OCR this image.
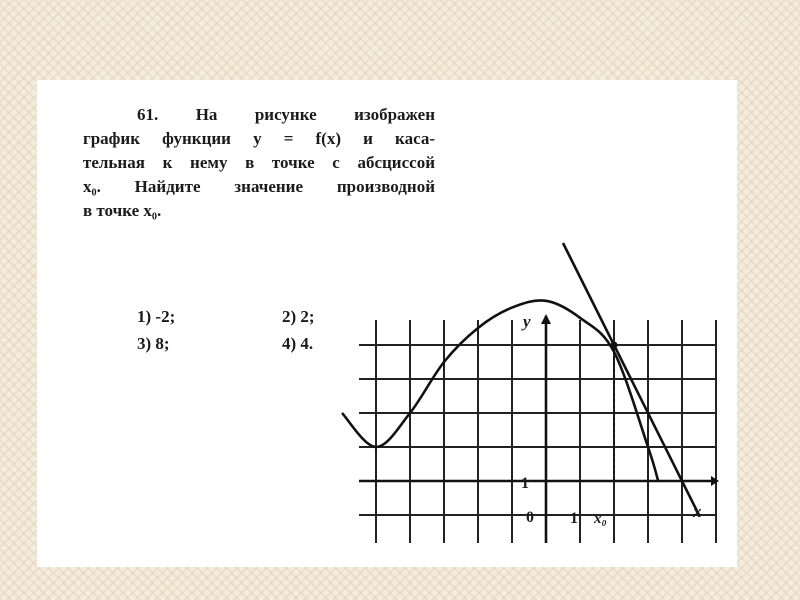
61. На рисунке изображен
график функции y = f(x) и каса-
тельная к нему в точке с абсциссой
x₀. Найдите значение производной
в точке x₀.
1) -2;	2) 2;
3) 8;	4) 4.
y
x
0 1
1
x₀
